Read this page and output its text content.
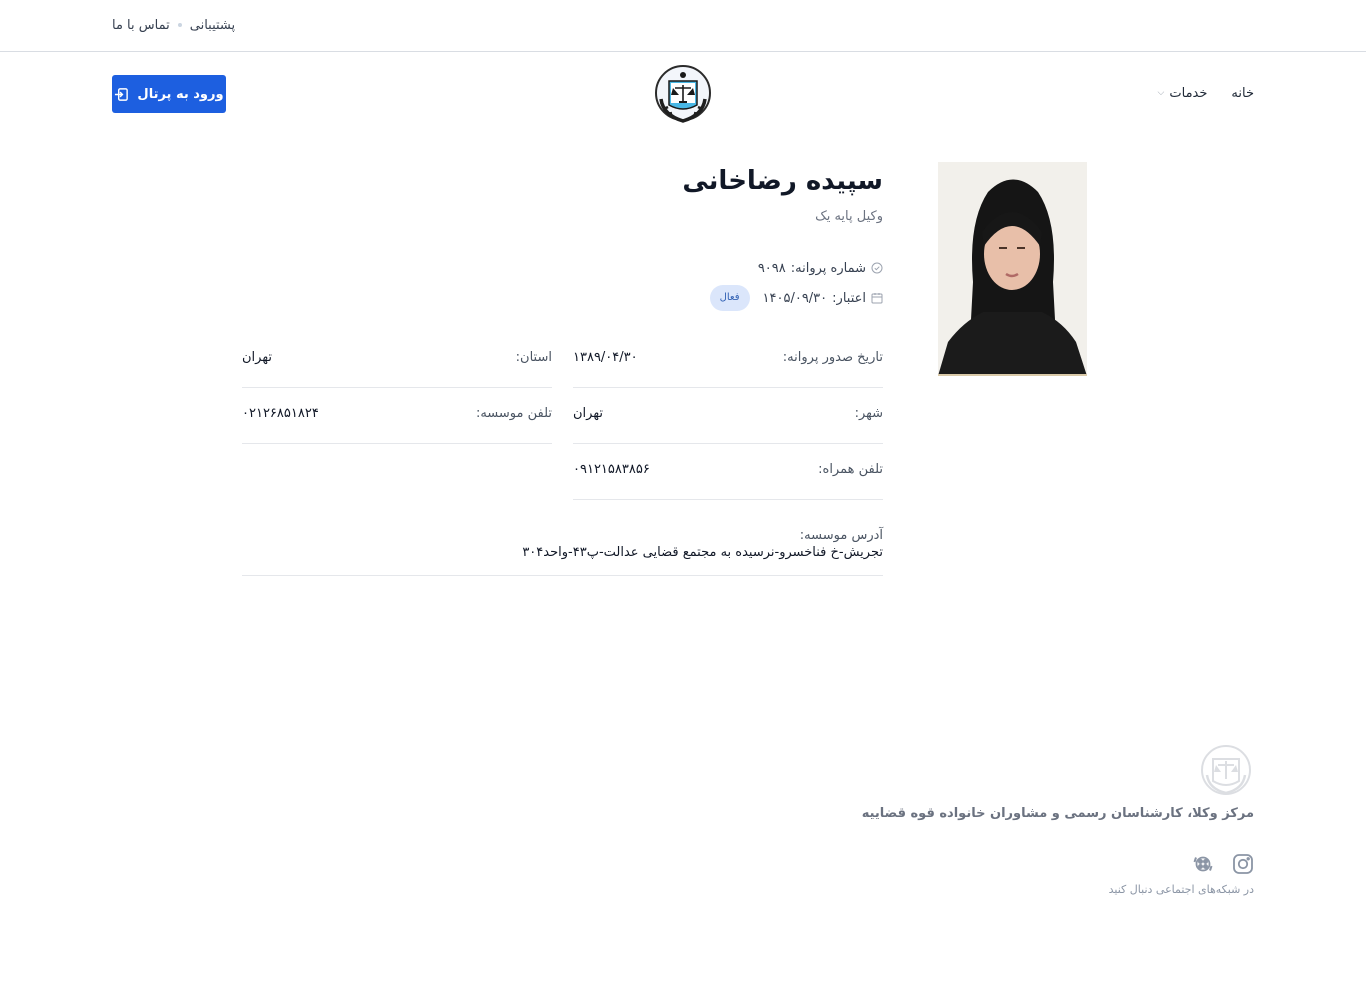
تماس با ما پشتیبانی
ورود به پرتال	خانه
خدمات
⌵
سپیده رضاخانی
وکیل پایه یک
شماره پروانه:
۹۰۹۸
اعتبار:
۱۴۰۵/۰۹/۳۰
فعال
تاریخ صدور پروانه:
۱۳۸۹/۰۴/۳۰
استان:
تهران
شهر:
تهران
تلفن موسسه:
۰۲۱۲۶۸۵۱۸۲۴
تلفن همراه:
۰۹۱۲۱۵۸۳۸۵۶
آدرس موسسه:
تجریش-خ فناخسرو-نرسیده به مجتمع قضایی عدالت-پ۴۳-واحد۳۰۴
مرکز وکلا، کارشناسان رسمی و مشاوران خانواده قوه قضاییه
در شبکه‌های اجتماعی دنبال کنید
